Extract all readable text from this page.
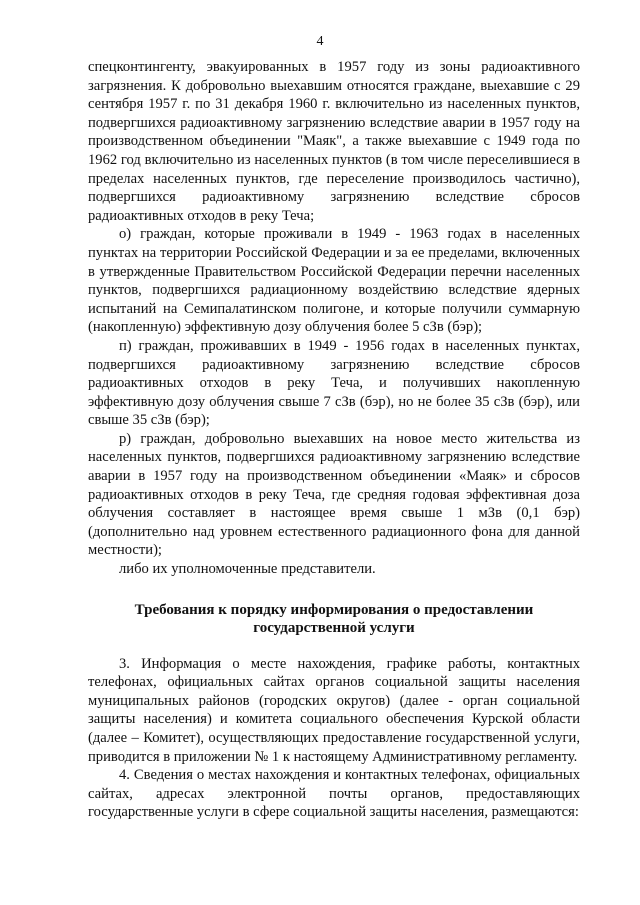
4

спецконтингенту, эвакуированных в 1957 году из зоны радиоактивного загрязнения. К добровольно выехавшим относятся граждане, выехавшие с 29 сентября 1957 г. по 31 декабря 1960 г. включительно из населенных пунктов, подвергшихся радиоактивному загрязнению вследствие аварии в 1957 году на производственном объединении "Маяк", а также выехавшие с 1949 года по 1962 год включительно из населенных пунктов (в том числе переселившиеся в пределах населенных пунктов, где переселение производилось частично), подвергшихся радиоактивному загрязнению вследствие сбросов радиоактивных отходов в реку Теча;

о) граждан, которые проживали в 1949 - 1963 годах в населенных пунктах на территории Российской Федерации и за ее пределами, включенных в утвержденные Правительством Российской Федерации перечни населенных пунктов, подвергшихся радиационному воздействию вследствие ядерных испытаний на Семипалатинском полигоне, и которые получили суммарную (накопленную) эффективную дозу облучения более 5 сЗв (бэр);

п) граждан, проживавших в 1949 - 1956 годах в населенных пунктах, подвергшихся радиоактивному загрязнению вследствие сбросов радиоактивных отходов в реку Теча, и получивших накопленную эффективную дозу облучения свыше 7 сЗв (бэр), но не более 35 сЗв (бэр), или свыше 35 сЗв (бэр);

р) граждан, добровольно выехавших на новое место жительства из населенных пунктов, подвергшихся радиоактивному загрязнению вследствие аварии в 1957 году на производственном объединении «Маяк» и сбросов радиоактивных отходов в реку Теча, где средняя годовая эффективная доза облучения составляет в настоящее время свыше 1 мЗв (0,1 бэр) (дополнительно над уровнем естественного радиационного фона для данной местности);

либо их уполномоченные представители.

Требования к порядку информирования о предоставлении
государственной услуги

3. Информация о месте нахождения, графике работы, контактных телефонах, официальных сайтах органов социальной защиты населения муниципальных районов (городских округов) (далее - орган социальной защиты населения) и комитета социального обеспечения Курской области (далее – Комитет), осуществляющих предоставление государственной услуги, приводится в приложении № 1 к настоящему Административному регламенту.

4. Сведения о местах нахождения и контактных телефонах, официальных сайтах, адресах электронной почты органов, предоставляющих государственные услуги в сфере социальной защиты населения, размещаются:
